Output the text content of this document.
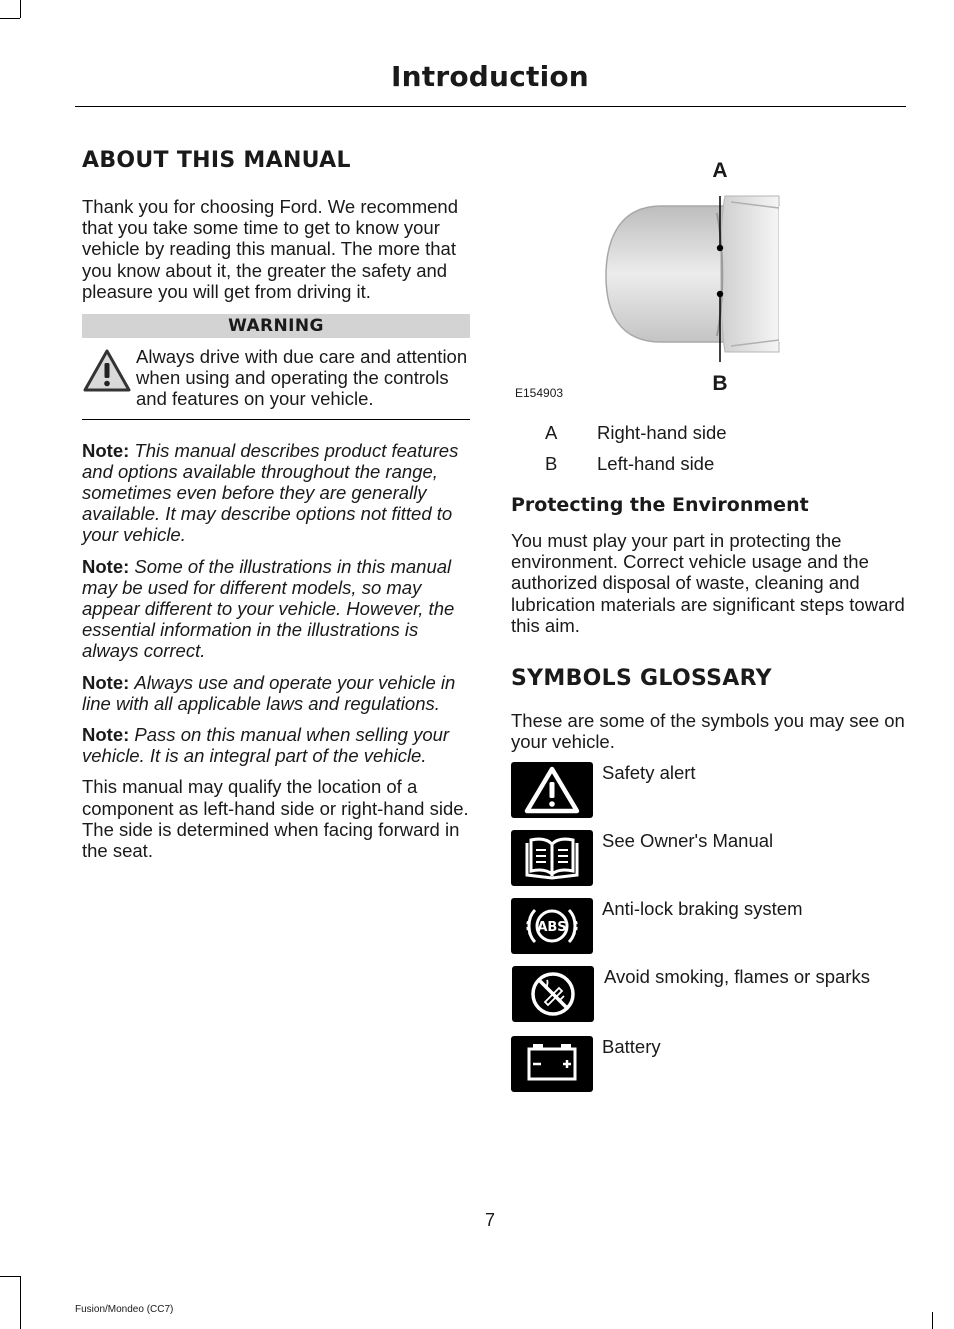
Introduction
ABOUT THIS MANUAL

Thank you for choosing Ford. We recommend that you take some time to get to know your vehicle by reading this manual. The more that you know about it, the greater the safety and pleasure you will get from driving it.

WARNING
Always drive with due care and attention when using and operating the controls and features on your vehicle.

Note: This manual describes product features and options available throughout the range, sometimes even before they are generally available. It may describe options not fitted to your vehicle.

Note: Some of the illustrations in this manual may be used for different models, so may appear different to your vehicle. However, the essential information in the illustrations is always correct.

Note: Always use and operate your vehicle in line with all applicable laws and regulations.

Note: Pass on this manual when selling your vehicle. It is an integral part of the vehicle.

This manual may qualify the location of a component as left-hand side or right-hand side. The side is determined when facing forward in the seat.

A
B
E154903
A	Right-hand side
B	Left-hand side
Protecting the Environment

You must play your part in protecting the environment. Correct vehicle usage and the authorized disposal of waste, cleaning and lubrication materials are significant steps toward this aim.

SYMBOLS GLOSSARY

These are some of the symbols you may see on your vehicle.

Safety alert
See Owner's Manual
ABS
Anti-lock braking system
Avoid smoking, flames or sparks
Battery
7
Fusion/Mondeo (CC7)
